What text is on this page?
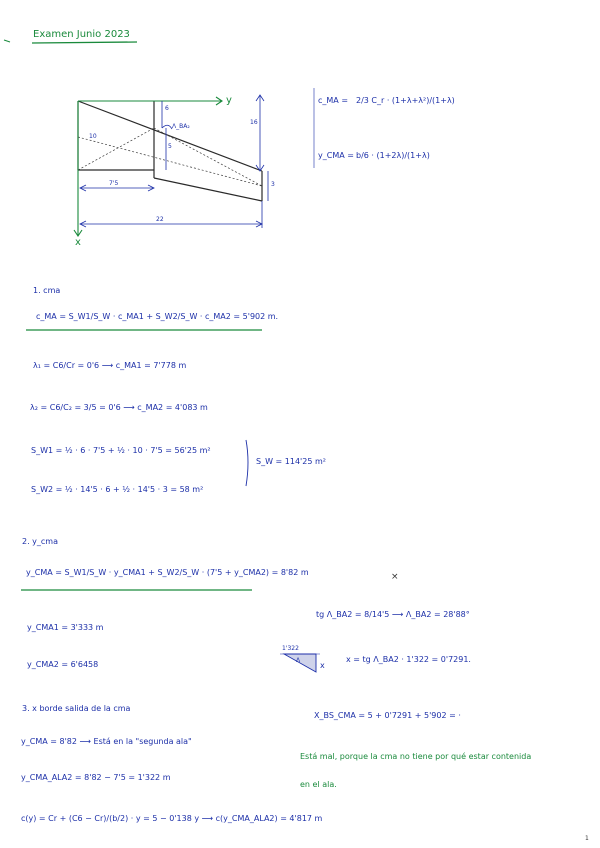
Examen Junio 2023
y
x
10
5
6
16
3
7'5
22
Λ_BA₂
c_MA = 2/3 C_r · (1+λ+λ²)/(1+λ)
y_CMA = b/6 · (1+2λ)/(1+λ)
1. cma
c_MA = S_W1/S_W · c_MA1 + S_W2/S_W · c_MA2 = 5'902 m.
λ₁ = C6/Cr = 0'6 ⟶ c_MA1 = 7'778 m
λ₂ = C6/C₂ = 3/5 = 0'6 ⟶ c_MA2 = 4'083 m
S_W1 = ½ · 6 · 7'5 + ½ · 10 · 7'5 = 56'25 m²
S_W = 114'25 m²
S_W2 = ½ · 14'5 · 6 + ½ · 14'5 · 3 = 58 m²
2. y_cma
y_CMA = S_W1/S_W · y_CMA1 + S_W2/S_W · (7'5 + y_CMA2) = 8'82 m	×
y_CMA1 = 3'333 m
tg Λ_BA2 = 8/14'5 ⟶ Λ_BA2 = 28'88°
y_CMA2 = 6'6458
1'322
Λ
x
x = tg Λ_BA2 · 1'322 = 0'7291.
3. x borde salida de la cma
X_BS_CMA = 5 + 0'7291 + 5'902 = ·
y_CMA = 8'82 ⟶ Está en la "segunda ala"
Está mal, porque la cma no tiene por qué estar contenida
en el ala.
y_CMA_ALA2 = 8'82 − 7'5 = 1'322 m
c(y) = Cr + (C6 − Cr)/(b/2) · y = 5 − 0'138 y ⟶ c(y_CMA_ALA2) = 4'817 m
1
